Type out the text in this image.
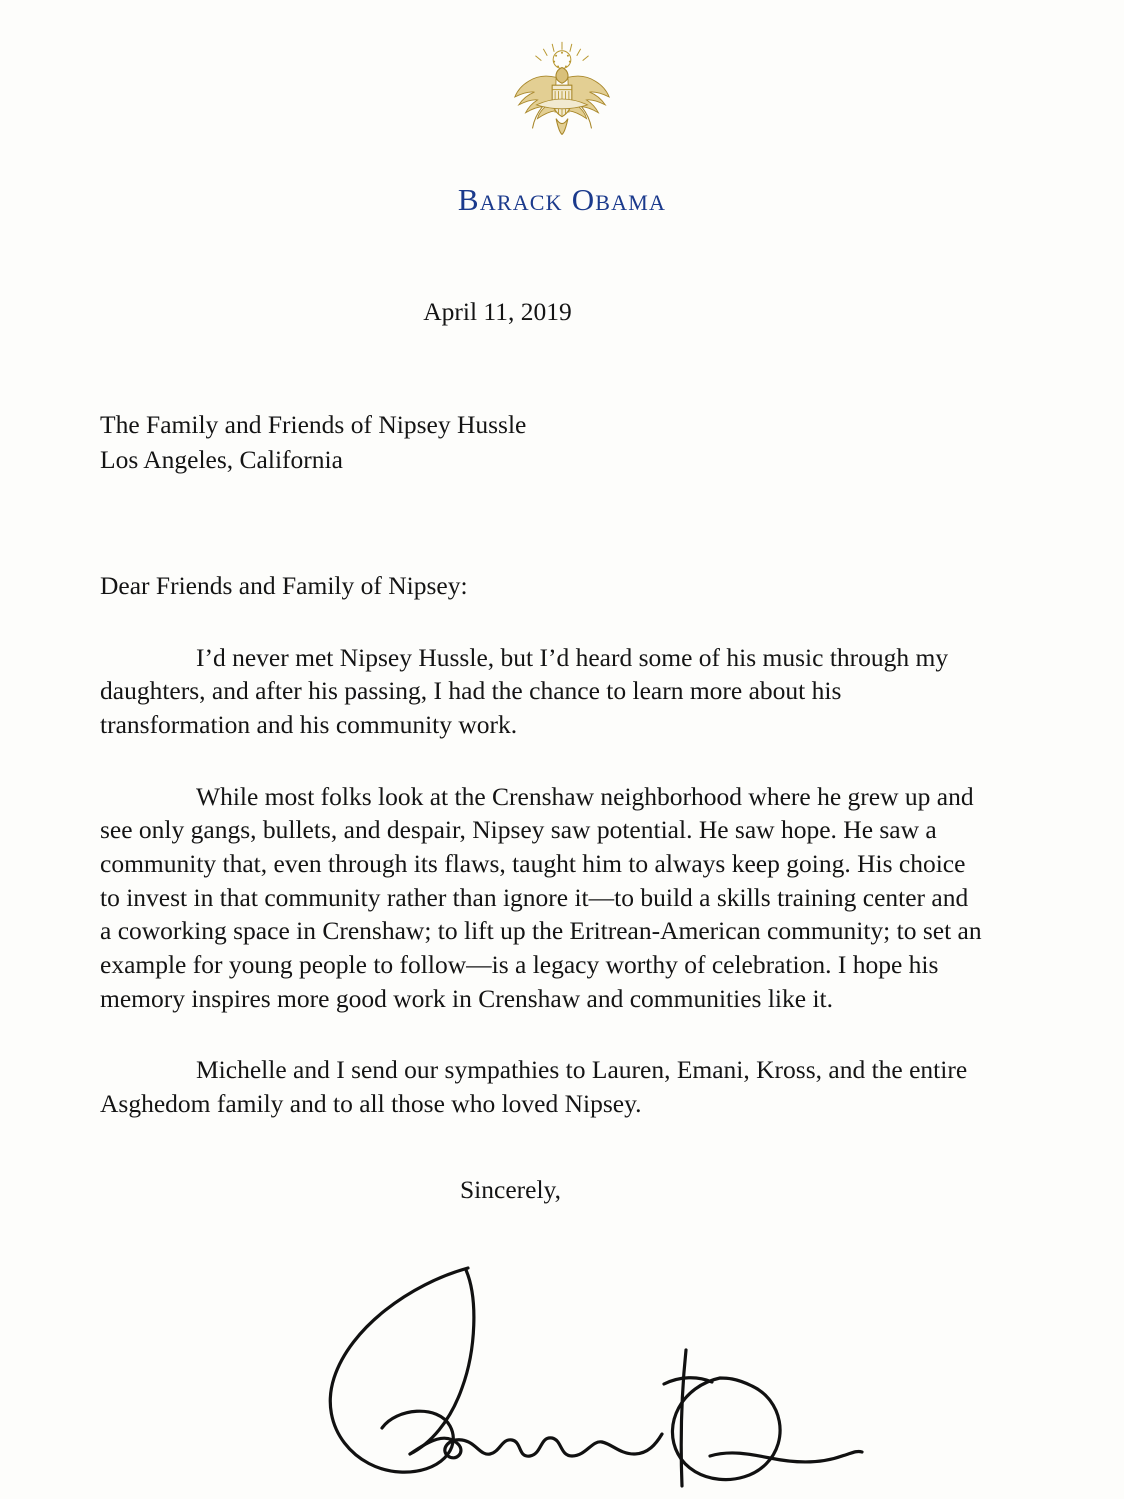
Barack Obama
April 11, 2019
The Family and Friends of Nipsey Hussle
Los Angeles, California
Dear Friends and Family of Nipsey:

I’d never met Nipsey Hussle, but I’d heard some of his music through my daughters, and after his passing, I had the chance to learn more about his transformation and his community work.

While most folks look at the Crenshaw neighborhood where he grew up and see only gangs, bullets, and despair, Nipsey saw potential. He saw hope. He saw a community that, even through its flaws, taught him to always keep going. His choice to invest in that community rather than ignore it—to build a skills training center and a coworking space in Crenshaw; to lift up the Eritrean-American community; to set an example for young people to follow—is a legacy worthy of celebration. I hope his memory inspires more good work in Crenshaw and communities like it.

Michelle and I send our sympathies to Lauren, Emani, Kross, and the entire Asghedom family and to all those who loved Nipsey.

Sincerely,
